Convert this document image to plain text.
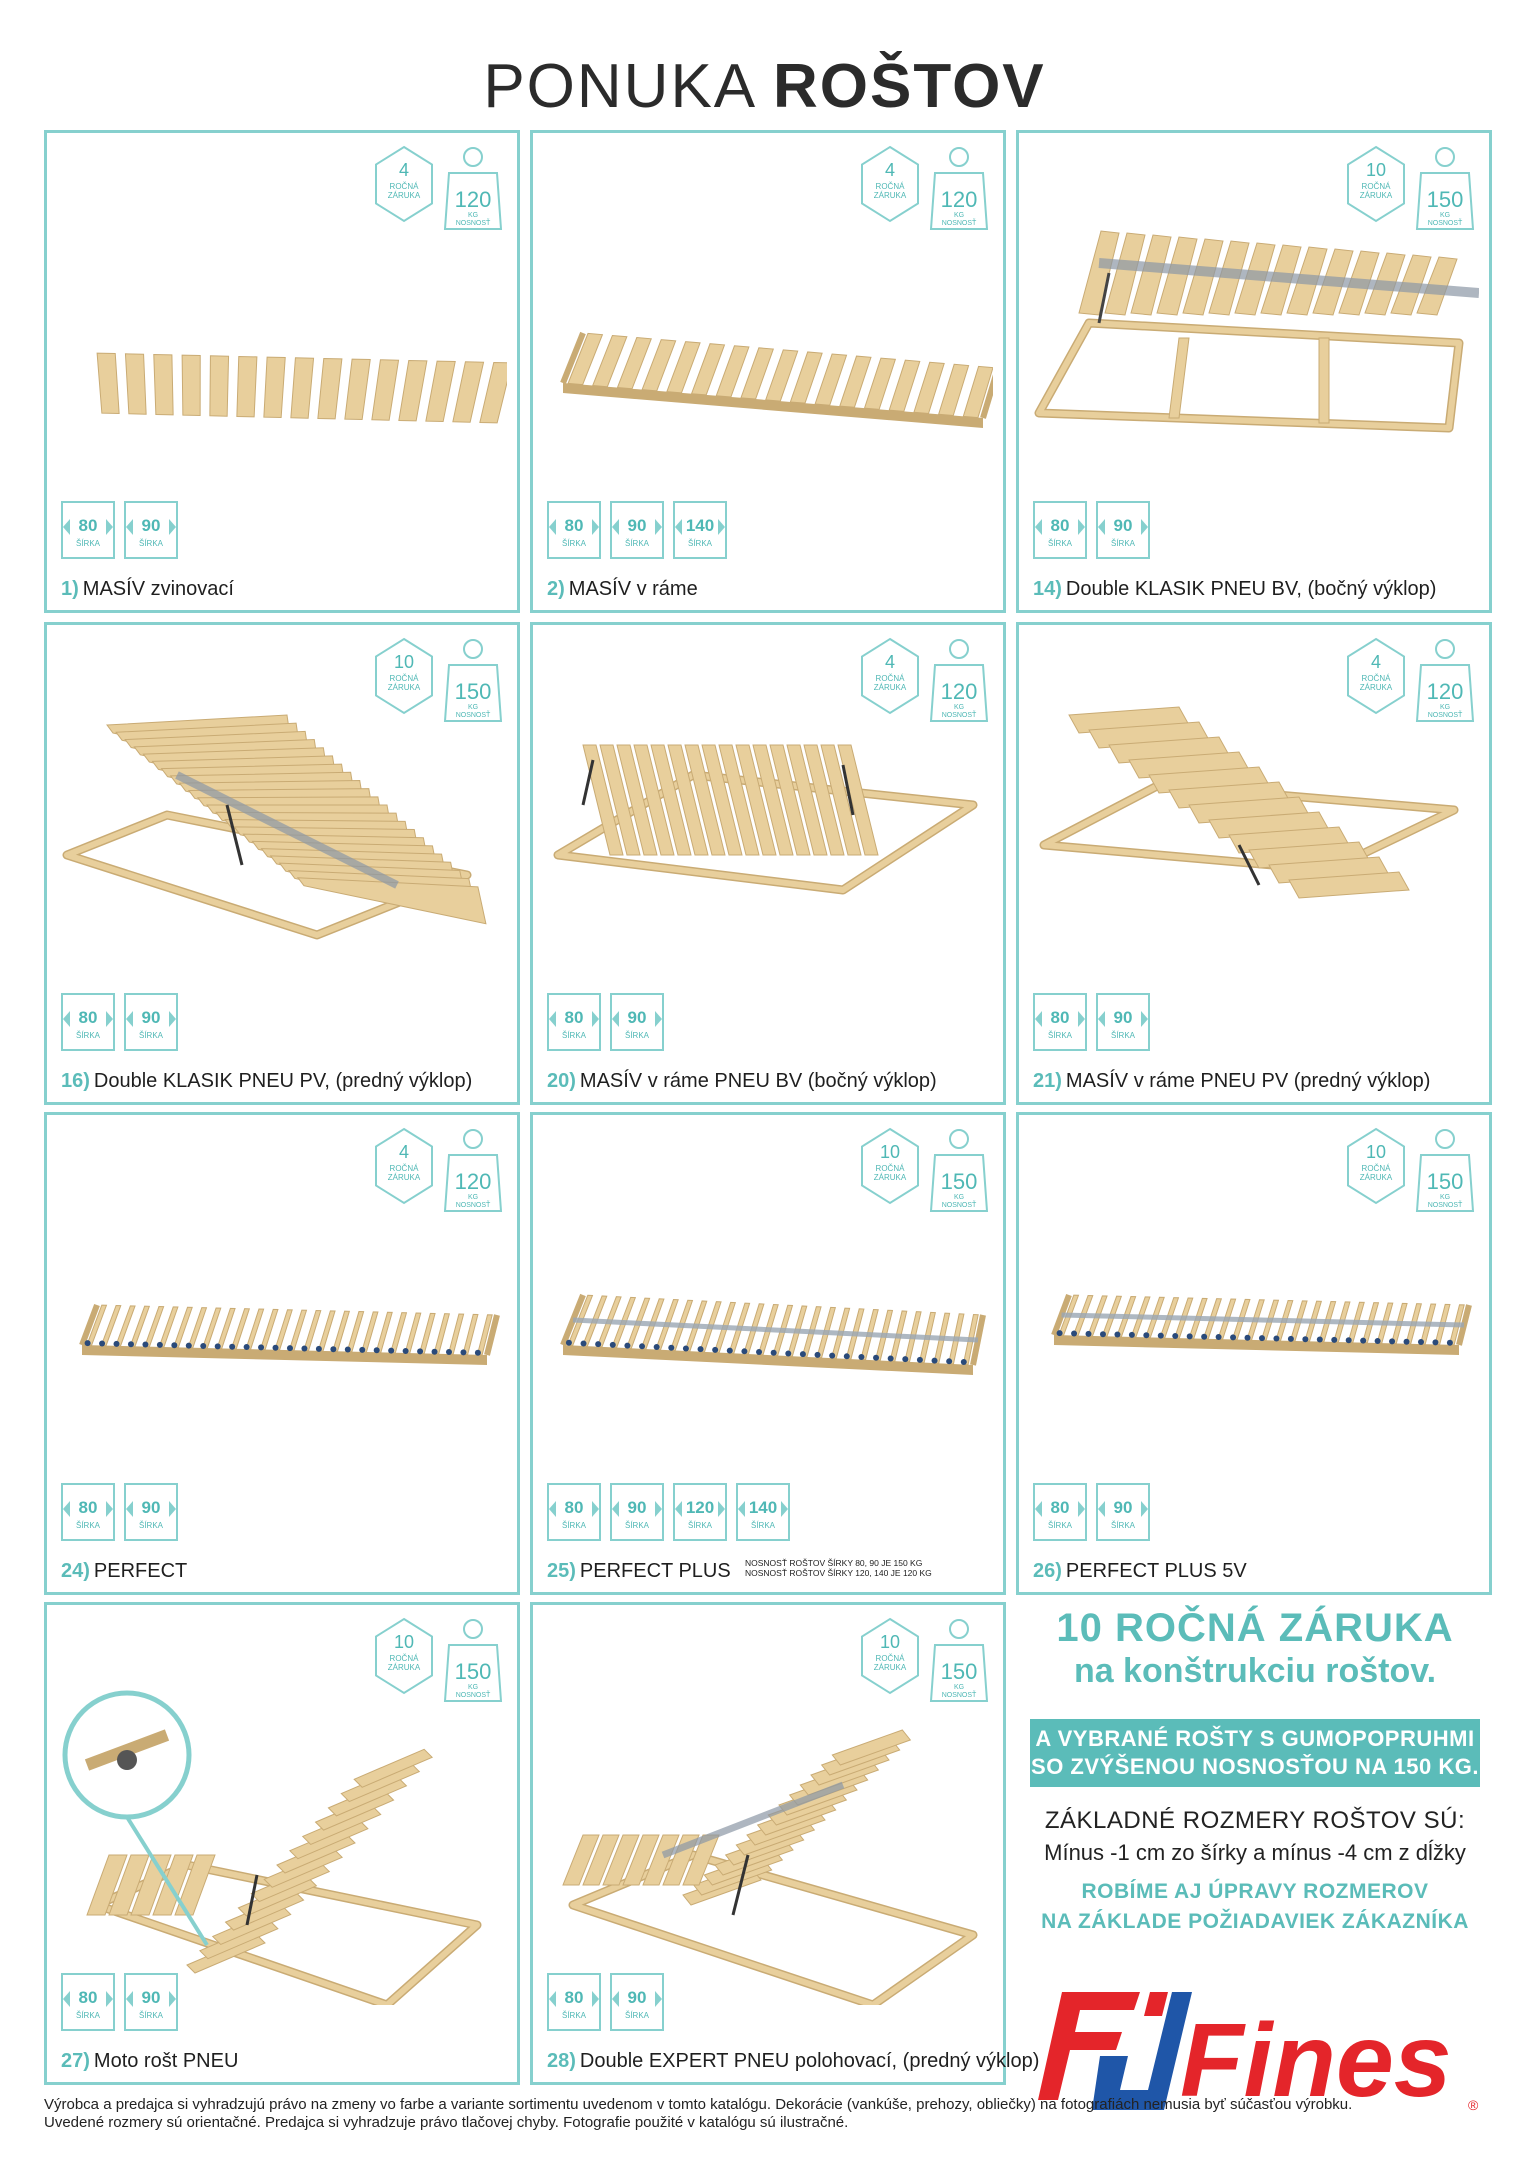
PONUKA ROŠTOV
4
ROČNÁ
ZÁRUKA	120
KG
NOSNOSŤ
80
ŠÍRKA
90
ŠÍRKA
1) MASÍV zvinovací
4
ROČNÁ
ZÁRUKA	120
KG
NOSNOSŤ
80
ŠÍRKA
90
ŠÍRKA
140
ŠÍRKA
2) MASÍV v ráme
10
ROČNÁ
ZÁRUKA	150
KG
NOSNOSŤ
80
ŠÍRKA
90
ŠÍRKA
14) Double KLASIK PNEU BV, (bočný výklop)
10
ROČNÁ
ZÁRUKA	150
KG
NOSNOSŤ
80
ŠÍRKA
90
ŠÍRKA
16) Double KLASIK PNEU PV, (predný výklop)
4
ROČNÁ
ZÁRUKA	120
KG
NOSNOSŤ
80
ŠÍRKA
90
ŠÍRKA
20) MASÍV v ráme PNEU BV (bočný výklop)
4
ROČNÁ
ZÁRUKA	120
KG
NOSNOSŤ
80
ŠÍRKA
90
ŠÍRKA
21) MASÍV v ráme PNEU PV (predný výklop)
4
ROČNÁ
ZÁRUKA	120
KG
NOSNOSŤ
80
ŠÍRKA
90
ŠÍRKA
24) PERFECT
10
ROČNÁ
ZÁRUKA	150
KG
NOSNOSŤ
80
ŠÍRKA
90
ŠÍRKA
120
ŠÍRKA
140
ŠÍRKA
25) PERFECT PLUS NOSNOSŤ ROŠTOV ŠÍRKY 80, 90 JE 150 KG
NOSNOSŤ ROŠTOV ŠÍRKY 120, 140 JE 120 KG
10
ROČNÁ
ZÁRUKA	150
KG
NOSNOSŤ
80
ŠÍRKA
90
ŠÍRKA
26) PERFECT PLUS 5V
10
ROČNÁ
ZÁRUKA	150
KG
NOSNOSŤ
80
ŠÍRKA
90
ŠÍRKA
27) Moto rošt PNEU
10
ROČNÁ
ZÁRUKA	150
KG
NOSNOSŤ
80
ŠÍRKA
90
ŠÍRKA
28) Double EXPERT PNEU polohovací, (predný výklop)
10 ROČNÁ ZÁRUKA
na konštrukciu roštov.
A VYBRANÉ ROŠTY S GUMOPOPRUHMI
SO ZVÝŠENOU NOSNOSŤOU NA 150 KG.
ZÁKLADNÉ ROZMERY ROŠTOV SÚ:
Mínus -1 cm zo šírky a mínus -4 cm z dĺžky
ROBÍME AJ ÚPRAVY ROZMEROV
NA ZÁKLADE POŽIADAVIEK ZÁKAZNÍKA
Fines ®
Výrobca a predajca si vyhradzujú právo na zmeny vo farbe a variante sortimentu uvedenom v tomto katalógu. Dekorácie (vankúše, prehozy, obliečky) na fotografiách nemusia byť súčasťou výrobku.
Uvedené rozmery sú orientačné. Predajca si vyhradzuje právo tlačovej chyby. Fotografie použité v katalógu sú ilustračné.
